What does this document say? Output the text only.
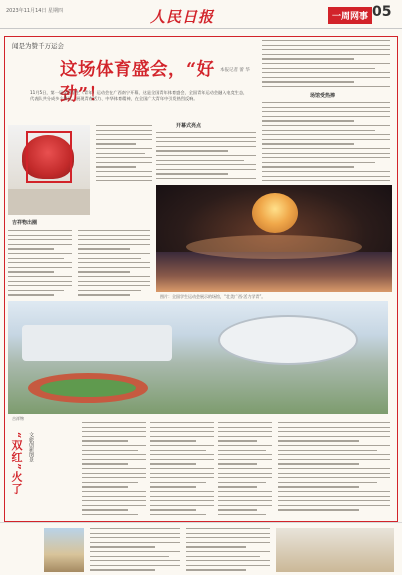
2023年11月14日 星期四	人民日报	一周网事 05
闻是为赞千万运会
这场体育盛会，“好劲”！
本报记者 蕾 华
11月5日，第一届全国学生（青年）运动会在广西南宁开幕，这是全国青年体育盛会，全国青年运动会融入电竞生态，代表队共分成多个赛区，展现青春活力、中华体育精神，在全国广大青年中引发热烈反响。	场馆受热捧
吉祥物出圈
开幕式亮点
图片：全国学生运动会展示的场馆，“壮美广西·活力学青”。
吉祥物
“双红”火了 文旅创新图景
